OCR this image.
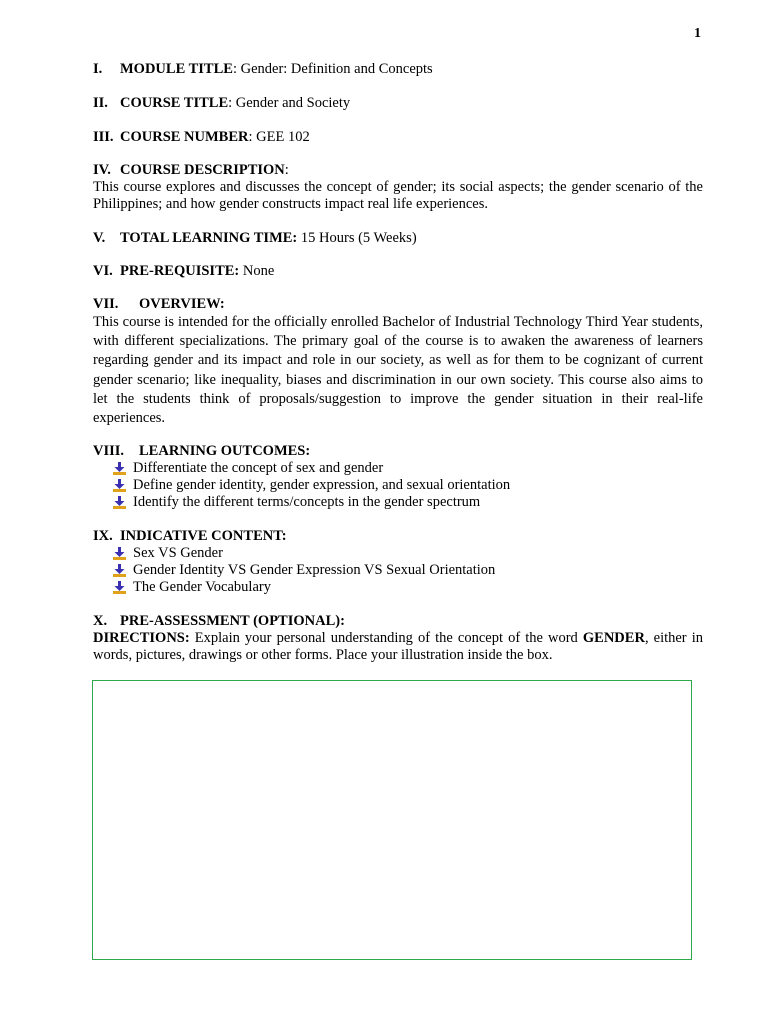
1
I. MODULE TITLE: Gender: Definition and Concepts
II. COURSE TITLE: Gender and Society
III. COURSE NUMBER: GEE 102
IV. COURSE DESCRIPTION:
This course explores and discusses the concept of gender; its social aspects; the gender scenario of the Philippines; and how gender constructs impact real life experiences.
V. TOTAL LEARNING TIME: 15 Hours (5 Weeks)
VI. PRE-REQUISITE: None
VII. OVERVIEW:
This course is intended for the officially enrolled Bachelor of Industrial Technology Third Year students, with different specializations. The primary goal of the course is to awaken the awareness of learners regarding gender and its impact and role in our society, as well as for them to be cognizant of current gender scenario; like inequality, biases and discrimination in our own society. This course also aims to let the students think of proposals/suggestion to improve the gender situation in their real-life experiences.
VIII. LEARNING OUTCOMES:
Differentiate the concept of sex and gender
Define gender identity, gender expression, and sexual orientation
Identify the different terms/concepts in the gender spectrum
IX. INDICATIVE CONTENT:
Sex VS Gender
Gender Identity VS Gender Expression VS Sexual Orientation
The Gender Vocabulary
X. PRE-ASSESSMENT (OPTIONAL):
DIRECTIONS: Explain your personal understanding of the concept of the word GENDER, either in words, pictures, drawings or other forms. Place your illustration inside the box.
